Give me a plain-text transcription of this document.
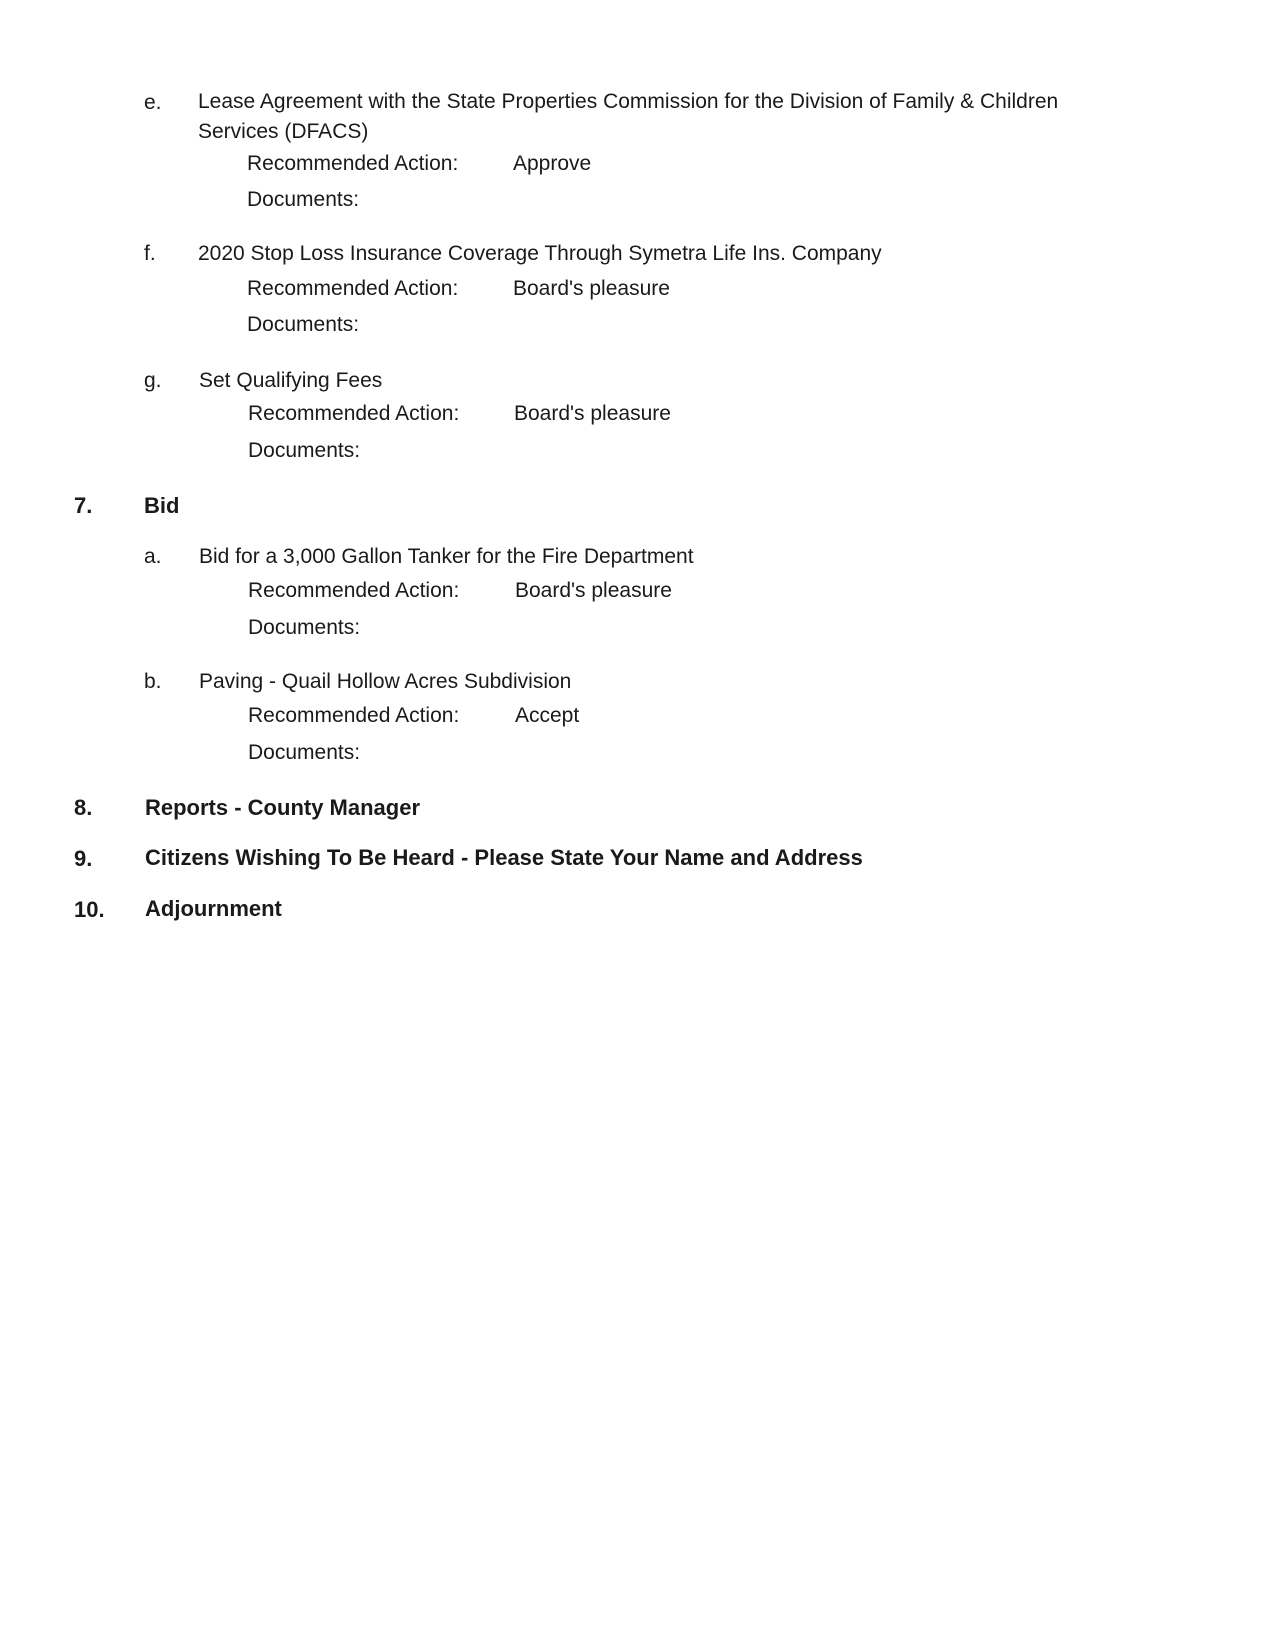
e. Lease Agreement with the State Properties Commission for the Division of Family & Children
Services (DFACS)
Recommended Action:	Approve
Documents:
f. 2020 Stop Loss Insurance Coverage Through Symetra Life Ins. Company
Recommended Action:	Board's pleasure
Documents:
g. Set Qualifying Fees
Recommended Action:	Board's pleasure
Documents:
7. Bid
a. Bid for a 3,000 Gallon Tanker for the Fire Department
Recommended Action:	Board's pleasure
Documents:
b. Paving - Quail Hollow Acres Subdivision
Recommended Action:	Accept
Documents:
8. Reports - County Manager
9. Citizens Wishing To Be Heard - Please State Your Name and Address
10. Adjournment
